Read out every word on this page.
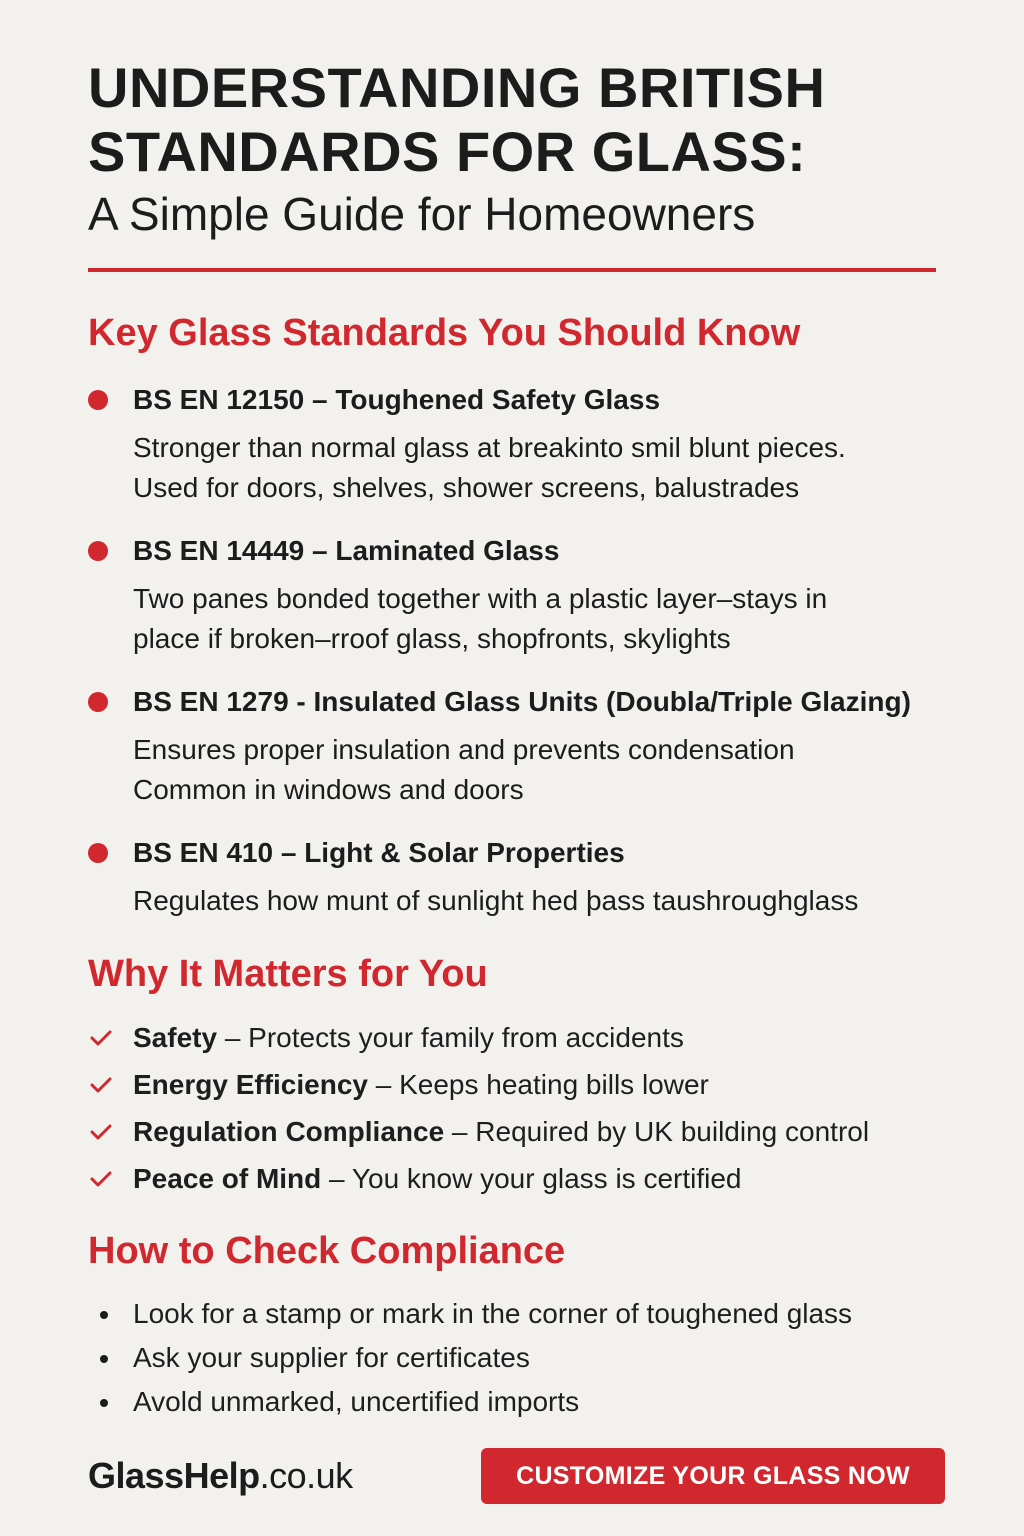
UNDERSTANDING BRITISH
STANDARDS FOR GLASS:
A Simple Guide for Homeowners
Key Glass Standards You Should Know
BS EN 12150 – Toughened Safety Glass
Stronger than normal glass at breakinto smil blunt pieces.
Used for doors, shelves, shower screens, balustrades
BS EN 14449 – Laminated Glass
Two panes bonded together with a plastic layer–stays in
place if broken–rroof glass, shopfronts, skylights
BS EN 1279 - Insulated Glass Units (Doubla/Triple Glazing)
Ensures proper insulation and prevents condensation
Common in windows and doors
BS EN 410 – Light & Solar Properties
Regulates how munt of sunlight hed þass taushroughglass
Why It Matters for You
Safety – Protects your family from accidents
Energy Efficiency – Keeps heating bills lower
Regulation Compliance – Required by UK building control
Peace of Mind – You know your glass is certified
How to Check Compliance
Look for a stamp or mark in the corner of toughened glass
Ask your supplier for certificates
Avold unmarked, uncertified imports
GlassHelp.co.uk	CUSTOMIZE YOUR GLASS NOW
